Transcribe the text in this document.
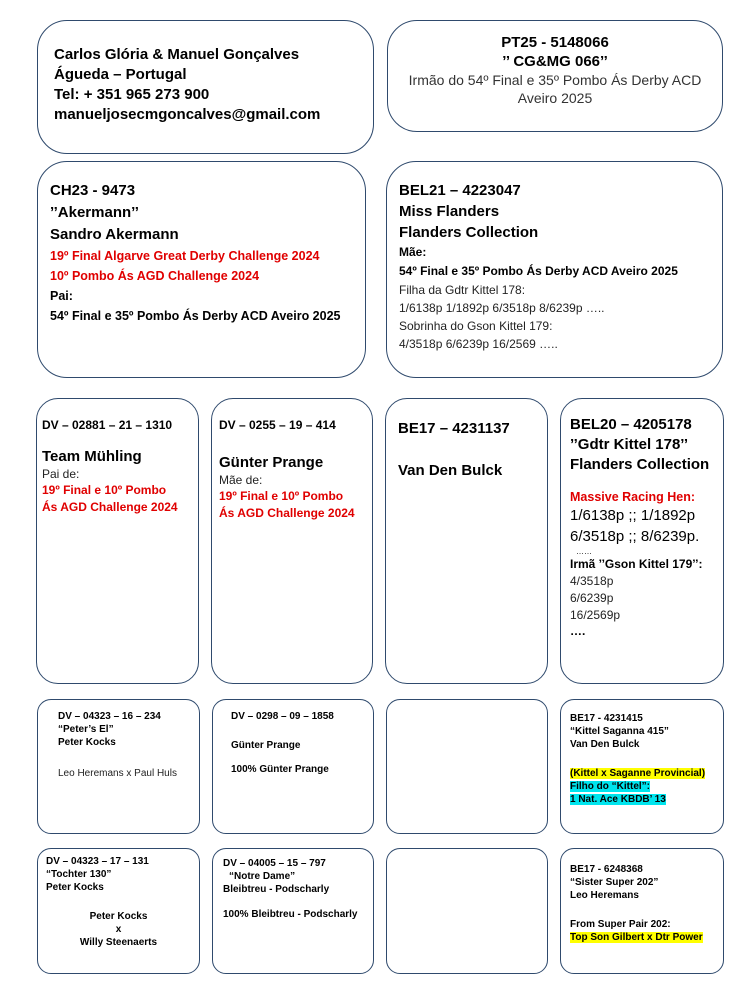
Carlos Glória & Manuel Gonçalves
Águeda – Portugal
Tel: + 351 965 273 900
manueljosecmgoncalves@gmail.com
PT25 - 5148066
’’ CG&MG 066’’
Irmão do 54º Final e 35º Pombo Ás Derby ACD Aveiro 2025
CH23 - 9473
’’Akermann’’
Sandro Akermann
19º Final Algarve Great Derby Challenge 2024
10º Pombo Ás AGD Challenge 2024
Pai:
54º Final e 35º Pombo Ás Derby ACD Aveiro 2025
BEL21 – 4223047
Miss Flanders
Flanders Collection
Mãe:
54º Final e 35º Pombo Ás Derby ACD Aveiro 2025
Filha da Gdtr Kittel 178:
1/6138p 1/1892p 6/3518p 8/6239p …..
Sobrinha do Gson Kittel 179:
4/3518p 6/6239p 16/2569 …..
DV – 02881 – 21 – 1310
Team Mühling
Pai de:
19º Final e 10º Pombo
Ás AGD Challenge 2024
DV – 0255 – 19 – 414
Günter Prange
Mãe de:
19º Final e 10º Pombo
Ás AGD Challenge 2024
BE17 – 4231137
Van Den Bulck
BEL20 – 4205178
’’Gdtr Kittel 178’’
Flanders Collection
Massive Racing Hen:
1/6138p ;; 1/1892p
6/3518p ;; 8/6239p.
……
Irmã ’’Gson Kittel 179’’:
4/3518p
6/6239p
16/2569p
….
DV – 04323 – 16 – 234
“Peter’s El”
Peter Kocks
Leo Heremans x Paul Huls
DV – 0298 – 09 – 1858
Günter Prange
100% Günter Prange
BE17 - 4231415
“Kittel Saganna 415”
Van Den Bulck
(Kittel x Saganne Provincial)
Filho do “Kittel”:
1 Nat. Ace KBDB’ 13
DV – 04323 – 17 – 131
“Tochter 130”
Peter Kocks
Peter Kocks
x
Willy Steenaerts
DV – 04005 – 15 – 797
“Notre Dame”
Bleibtreu - Podscharly
100% Bleibtreu - Podscharly
BE17 - 6248368
“Sister Super 202”
Leo Heremans
From Super Pair 202:
Top Son Gilbert x Dtr Power
